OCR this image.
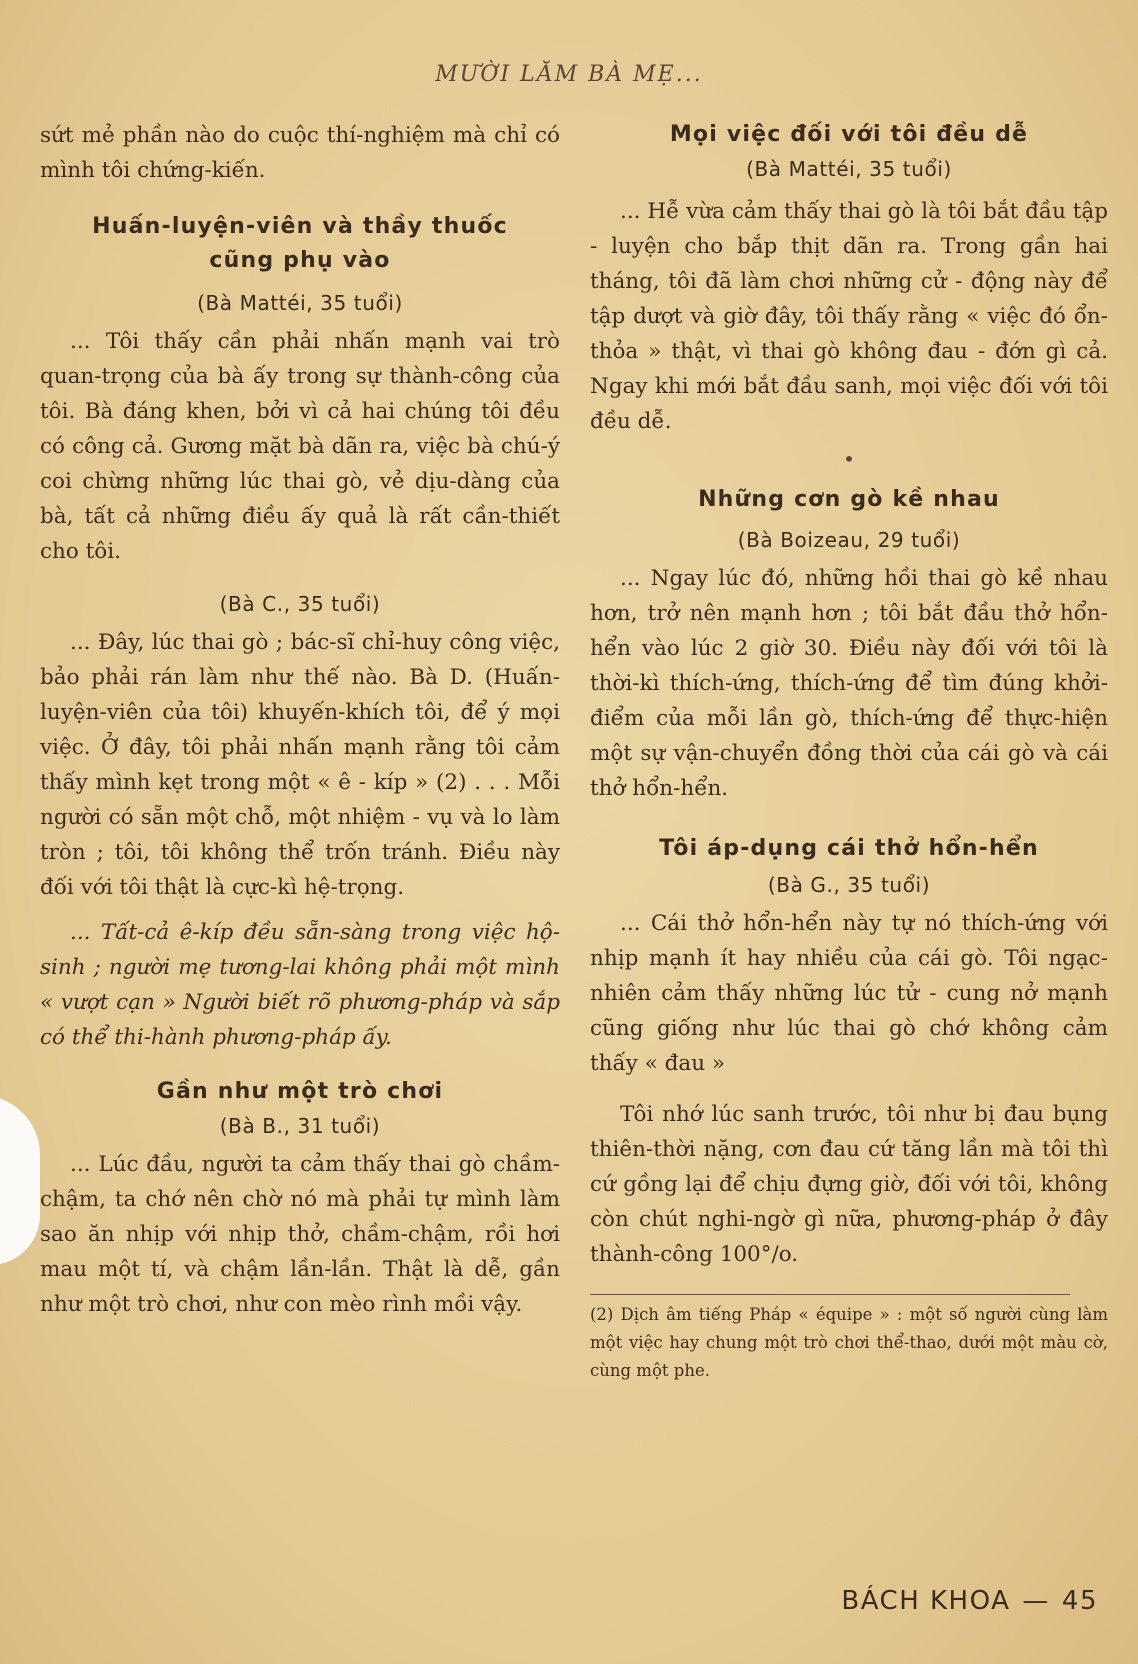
MƯỜI LĂM BÀ MẸ...

sứt mẻ phần nào do cuộc thí-nghiệm mà chỉ có mình tôi chứng-kiến.

Huấn-luyện-viên và thầy thuốc

cũng phụ vào

(Bà Mattéi, 35 tuổi)

... Tôi thấy cần phải nhấn mạnh vai trò quan-trọng của bà ấy trong sự thành-công của tôi. Bà đáng khen, bởi vì cả hai chúng tôi đều có công cả. Gương mặt bà dãn ra, việc bà chú-ý coi chừng những lúc thai gò, vẻ dịu-dàng của bà, tất cả những điều ấy quả là rất cần-thiết cho tôi.

(Bà C., 35 tuổi)

... Đây, lúc thai gò ; bác-sĩ chỉ-huy công việc, bảo phải rán làm như thế nào. Bà D. (Huấn-luyện-viên của tôi) khuyến-khích tôi, để ý mọi việc. Ở đây, tôi phải nhấn mạnh rằng tôi cảm thấy mình kẹt trong một « ê - kíp » (2) . . . Mỗi người có sẵn một chỗ, một nhiệm - vụ và lo làm tròn ; tôi, tôi không thể trốn tránh. Điều này đối với tôi thật là cực-kì hệ-trọng.

... Tất-cả ê-kíp đều sẵn-sàng trong việc hộ-sinh ; người mẹ tương-lai không phải một mình « vượt cạn » Người biết rõ phương-pháp và sắp có thể thi-hành phương-pháp ấy.

Gần như một trò chơi

(Bà B., 31 tuổi)

... Lúc đầu, người ta cảm thấy thai gò chầm-chậm, ta chớ nên chờ nó mà phải tự mình làm sao ăn nhịp với nhịp thở, chầm-chậm, rồi hơi mau một tí, và chậm lần-lần. Thật là dễ, gần như một trò chơi, như con mèo rình mồi vậy.

Mọi việc đối với tôi đều dễ

(Bà Mattéi, 35 tuổi)

... Hễ vừa cảm thấy thai gò là tôi bắt đầu tập - luyện cho bắp thịt dãn ra. Trong gần hai tháng, tôi đã làm chơi những cử - động này để tập dượt và giờ đây, tôi thấy rằng « việc đó ổn-thỏa » thật, vì thai gò không đau - đớn gì cả. Ngay khi mới bắt đầu sanh, mọi việc đối với tôi đều dễ.

•

Những cơn gò kề nhau

(Bà Boizeau, 29 tuổi)

... Ngay lúc đó, những hồi thai gò kề nhau hơn, trở nên mạnh hơn ; tôi bắt đầu thở hổn-hển vào lúc 2 giờ 30. Điều này đối với tôi là thời-kì thích-ứng, thích-ứng để tìm đúng khởi-điểm của mỗi lần gò, thích-ứng để thực-hiện một sự vận-chuyển đồng thời của cái gò và cái thở hổn-hển.

Tôi áp-dụng cái thở hổn-hển

(Bà G., 35 tuổi)

... Cái thở hổn-hển này tự nó thích-ứng với nhịp mạnh ít hay nhiều của cái gò. Tôi ngạc-nhiên cảm thấy những lúc tử - cung nở mạnh cũng giống như lúc thai gò chớ không cảm thấy « đau »

Tôi nhớ lúc sanh trước, tôi như bị đau bụng thiên-thời nặng, cơn đau cứ tăng lần mà tôi thì cứ gồng lại để chịu đựng giờ, đối với tôi, không còn chút nghi-ngờ gì nữa, phương-pháp ở đây thành-công 100°/o.

(2) Dịch âm tiếng Pháp « équipe » : một số người cùng làm một việc hay chung một trò chơi thể-thao, dưới một màu cờ, cùng một phe.

BÁCH KHOA — 45
